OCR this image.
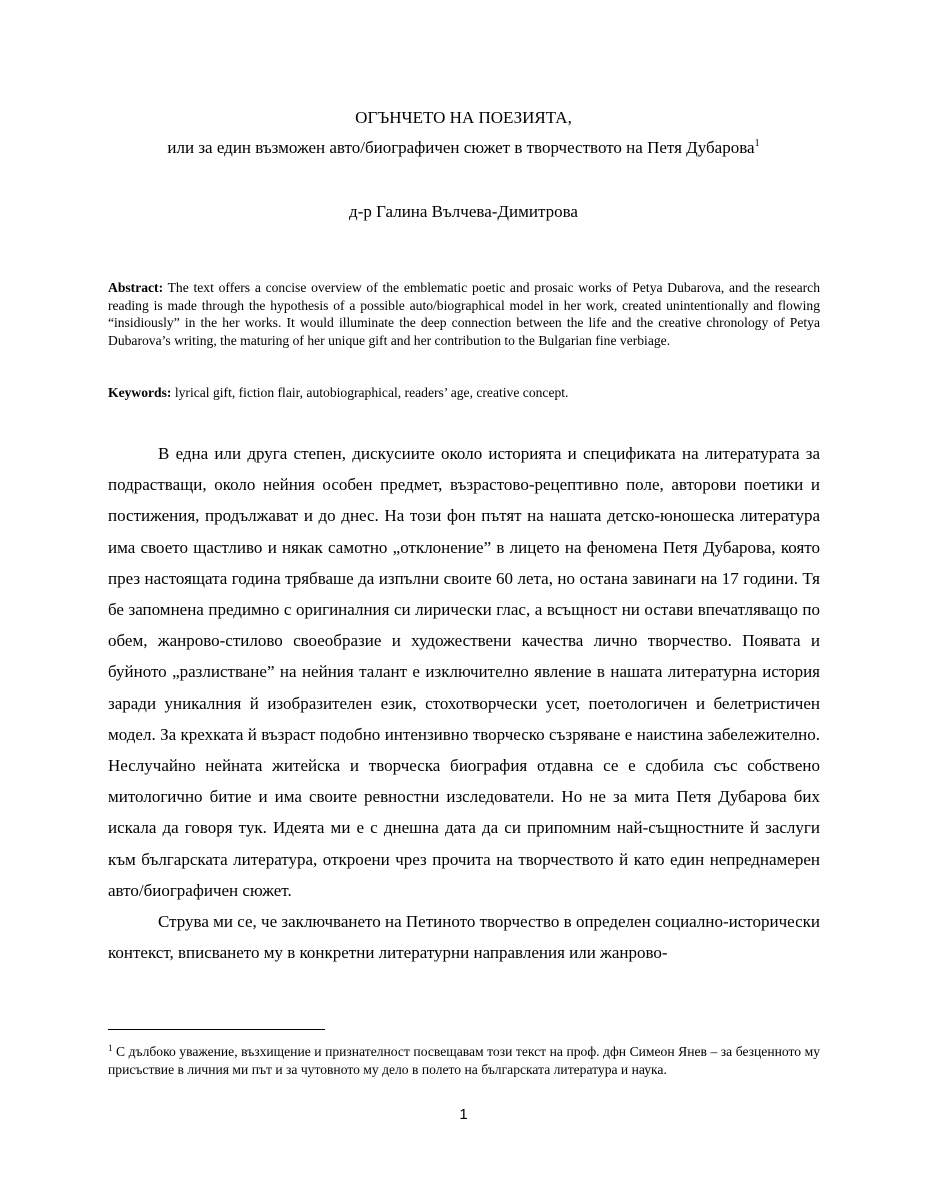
ОГЪНЧЕТО НА ПОЕЗИЯТА,
или за един възможен авто/биографичен сюжет в творчеството на Петя Дубарова$^1$
д-р Галина Вълчева-Димитрова

Abstract: The text offers a concise overview of the emblematic poetic and prosaic works of Petya Dubarova, and the research reading is made through the hypothesis of a possible auto/biographical model in her work, created unintentionally and flowing “insidiously” in the her works. It would illuminate the deep connection between the life and the creative chronology of Petya Dubarova’s writing, the maturing of her unique gift and her contribution to the Bulgarian fine verbiage.

Keywords: lyrical gift, fiction flair, autobiographical, readers’ age, creative concept.

В една или друга степен, дискусиите около историята и спецификата на литературата за подрастващи, около нейния особен предмет, възрастово-рецептивно поле, авторови поетики и постижения, продължават и до днес. На този фон пътят на нашата детско-юношеска литература има своето щастливо и някак самотно „отклонение” в лицето на феномена Петя Дубарова, която през настоящата година трябваше да изпълни своите 60 лета, но остана завинаги на 17 години. Тя бе запомнена предимно с оригиналния си лирически глас, а всъщност ни остави впечатляващо по обем, жанрово-стилово своеобразие и художествени качества лично творчество. Появата и буйното „разлистване” на нейния талант е изключително явление в нашата литературна история заради уникалния й изобразителен език, стохотворчески усет, поетологичен и белетристичен модел. За крехката й възраст подобно интензивно творческо съзряване е наистина забележително. Неслучайно нейната житейска и творческа биография отдавна се е сдобила със собствено митологично битие и има своите ревностни изследователи. Но не за мита Петя Дубарова бих искала да говоря тук. Идеята ми е с днешна дата да си припомним най-същностните й заслуги към българската литература, откроени чрез прочита на творчеството й като един непреднамерен авто/биографичен сюжет.

Струва ми се, че заключването на Петиното творчество в определен социално-исторически контекст, вписването му в конкретни литературни направления или жанрово-

$^1$ С дълбоко уважение, възхищение и признателност посвещавам този текст на проф. дфн Симеон Янев – за безценното му присъствие в личния ми път и за чутовното му дело в полето на българската литература и наука.

1
